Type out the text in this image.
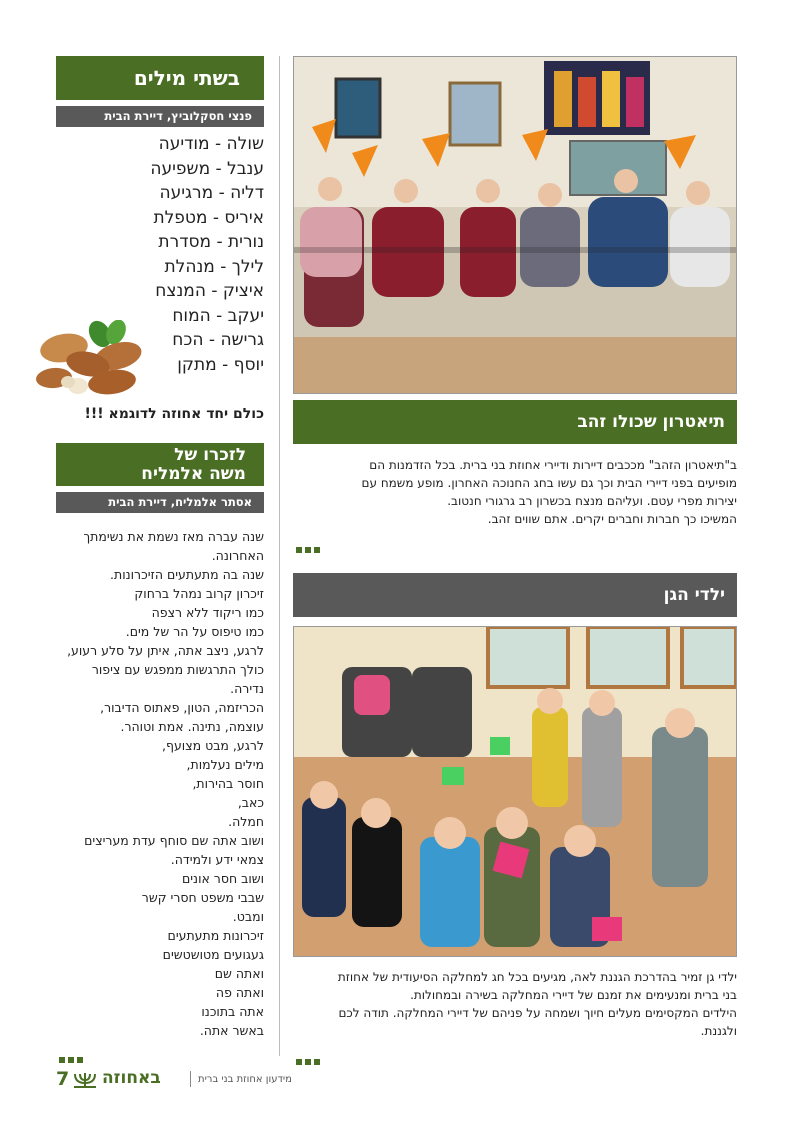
בשתי מילים
פנצי חסקלוביץ, דיירת הבית
שולה - מודיעה
ענבל - משפיעה
דליה - מרגיעה
איריס - מטפלת
נורית - מסדרת
לילך - מנהלת
איציק - המנצח
יעקב - המוח
גרישה - הכח
יוסף - מתקן
כולם יחד אחוזה לדוגמא !!!
לזכרו של
משה אלמליח
אסתר אלמליח, דיירת הבית
שנה עברה מאז נשמת את נשימתך
האחרונה.
שנה בה מתעתעים הזיכרונות.
זיכרון קרוב נמהל ברחוק
כמו ריקוד ללא רצפה
כמו טיפוס על הר של מים.
לרגע, ניצב אתה, איתן על סלע רעוע,
כולך התרגשות ממפגש עם ציפור
נדירה.
הכריזמה, הטון, פאתוס הדיבור,
עוצמה, נתינה. אמת וטוהר.
לרגע, מבט מצועף,
מילים נעלמות,
חוסר בהירות,
כאב,
חמלה.
ושוב אתה שם סוחף עדת מעריצים
צמאי ידע ולמידה.
ושוב חסר אונים
שבבי משפט חסרי קשר
ומבט.
זיכרונות מתעתעים
געגועים מטושטשים
ואתה שם
ואתה פה
אתה בתוכנו
באשר אתה.
תיאטרון שכולו זהב
ב"תיאטרון הזהב" מככבים דיירות ודיירי אחוזת בני ברית. בכל הזדמנות הם
מופיעים בפני דיירי הבית וכך גם עשו בחג החנוכה האחרון. מופע משמח עם
יצירות מפרי עטם. ועליהם מנצח בכשרון רב גרגורי חנטוב.
המשיכו כך חברות וחברים יקרים. אתם שווים זהב.
ילדי הגן
ילדי גן זמיר בהדרכת הגננת לאה, מגיעים בכל חג למחלקה הסיעודית של אחוזת
בני ברית ומנעימים את זמנם של דיירי המחלקה בשירה ובמחולות.
הילדים המקסימים מעלים חיוך ושמחה על פניהם של דיירי המחלקה. תודה לכם
ולגננת.
7 באחוזה	מידעון אחוזת בני ברית
